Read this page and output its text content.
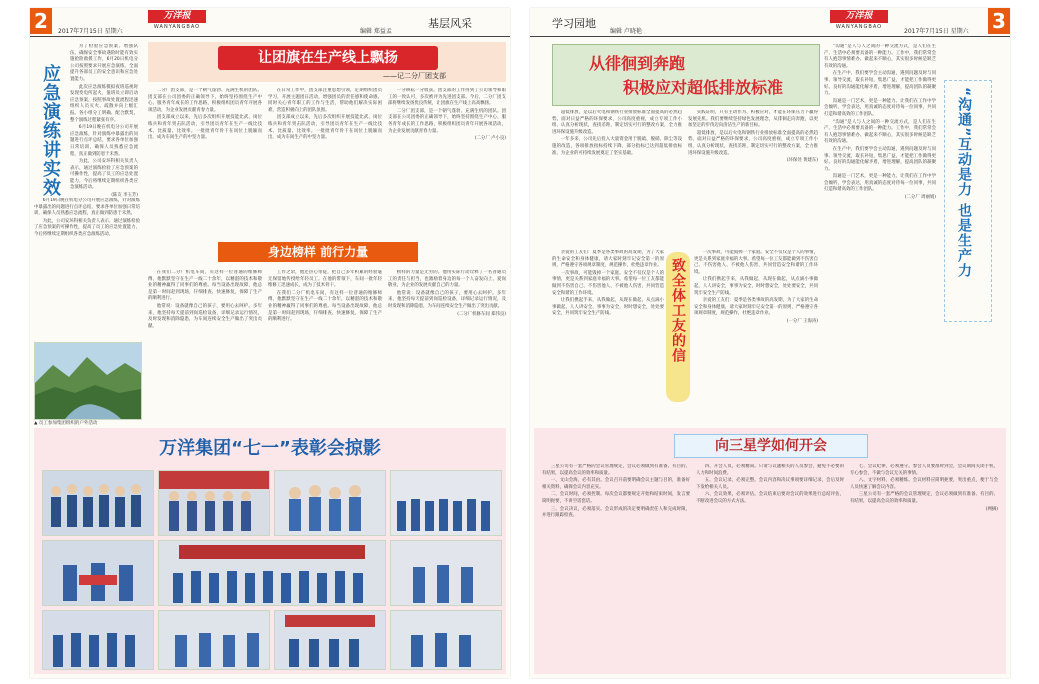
2	万洋报
WANYANGBAO
2017年7月15日 星期六	编辑 郑益孟
基层风采

为了检验应急预案、增强队伍、确保安全事故遇险时能有效实施抢险救援工作，6月20日机电分公司按照要求开展应急演练，全面提升各部员工的安全意识和应急处置能力。

此次应急演练模拟夜班巡视时发现变电所起火，值班员立即启动应急预案，按照事故处置流程迅速组织人员灭火、疏散并向上级汇报。各小组分工明确、配合默契，整个演练过程紧张有序。

6月19日晚在机电分公司开展应急演练，针对演练中暴露出的问题进行点评总结，要求各单位加强日常培训，确保人员熟悉应急流程，真正做到防患于未然。

为此，公司安环科相关负责人表示，通过演练检验了应急预案的可操作性，提高了员工的应急处置能力，今后将继续定期组织各类应急演练活动。

(陈友 李玉芳)
应急演练讲实效

6月19日晚在机电分公司开展应急演练，针对演练中暴露出的问题进行点评总结，要求各单位加强日常培训，确保人员熟悉应急流程，真正做到防患于未然。

为此，公司安环科相关负责人表示，通过演练检验了应急预案的可操作性，提高了员工的应急处置能力，今后将继续定期组织各类应急演练活动。

▲ 员工参加集团组织的户外活动
让团旗在生产线上飘扬
——记二分厂团支部

二分厂团支部，是一个朝气蓬勃、充满生机的团队。团支部在公司团委的正确领导下，始终坚持围绕生产中心、服务青年成长的工作思路，积极组织团员青年开展各项活动，为企业发展贡献青春力量。

团支部成立以来，先后多次组织开展技能比武、岗位练兵和青年突击队活动，引导团员青年在生产一线比技术、比质量、比效率。一批批青年骨干在岗位上脱颖而出，成为车间生产的中坚力量。

在日常工作中，团支部注重思想引领，定期组织团员学习，开展主题团日活动，增强团员的责任感和使命感。同时关心青年职工的工作与生活，帮助他们解决实际困难，营造积极向上的团队氛围。

团支部成立以来，先后多次组织开展技能比武、岗位练兵和青年突击队活动，引导团员青年在生产一线比技术、比质量、比效率。一批批青年骨干在岗位上脱颖而出，成为车间生产的中坚力量。

一分耕耘一分收获。团支部的工作得到了公司领导和职工的一致认可，多次被评为先进团支部。今后，二分厂团支部将继续发扬优良传统，让团旗在生产线上高高飘扬。

二分厂团支部，是一个朝气蓬勃、充满生机的团队。团支部在公司团委的正确领导下，始终坚持围绕生产中心、服务青年成长的工作思路，积极组织团员青年开展各项活动，为企业发展贡献青春力量。

(二分厂 卢小良)
身边榜样 前行力量

在我们二分厂机电车间，有这样一位普通的维修师傅，他默默坚守在生产一线二十余年，以精湛的技术和敬业的精神赢得了同事们的尊重。每当设备出现故障，他总是第一时间赶到现场，仔细排查、快速修复，保障了生产的顺利进行。

他常说：设备就像自己的孩子，要用心去呵护。多年来，他坚持每天提前到岗巡检设备，详细记录运行情况，及时发现和消除隐患，为车间连续安全生产做出了突出贡献。

工作之余，他还热心带徒，把自己多年积累的经验毫无保留地传授给年轻员工。在他的带领下，车间一批年轻维修工迅速成长，成为了技术骨干。

在我们二分厂机电车间，有这样一位普通的维修师傅，他默默坚守在生产一线二十余年，以精湛的技术和敬业的精神赢得了同事们的尊重。每当设备出现故障，他总是第一时间赶到现场，仔细排查、快速修复，保障了生产的顺利进行。

榜样的力量是无穷的。他用实际行动诠释了一名普通员工的责任与担当，也激励着身边的每一个人奋发向上、爱岗敬业，为企业的发展贡献自己的力量。

他常说：设备就像自己的孩子，要用心去呵护。多年来，他坚持每天提前到岗巡检设备，详细记录运行情况，及时发现和消除隐患，为车间连续安全生产做出了突出贡献。

(二分厂机修车间 郑伟良)
万洋集团“七一”表彰会掠影
学习园地
编辑 卢晓艳
万洋报
WANYANGBAO
2017年7月15日 星期六 3
从徘徊到奔跑
积极应对超低排放标准

超低排放，是以后火电和钢铁行业排放标准全面提高的必然趋势。面对日益严格的环保要求，公司高度重视，成立专项工作小组，认真分析现状，查找差距，制定切实可行的整改方案，全力推进环保设施升级改造。

一年多来，公司先后投入大量资金用于脱硫、脱硝、除尘等设施的改造，各项排放指标持续下降，部分指标已达到超低排放标准，为企业的可持续发展奠定了坚实基础。

实践证明，只有主动作为、积极应对，才能在环保压力下赢得发展先机。我们要继续坚持绿色发展理念，从徘徊走向奔跑，以更加坚定的步伐迈向清洁生产的新目标。

超低排放，是以后火电和钢铁行业排放标准全面提高的必然趋势。面对日益严格的环保要求，公司高度重视，成立专项工作小组，认真分析现状，查找差距，制定切实可行的整改方案，全力推进环保设施升级改造。

(环保处 黄建东)

亲爱的工友们：夏季是各类事故的高发期，为了大家的生命安全和身体健康，请大家时刻牢记安全第一的原则，严格遵守各项规章制度，规范操作，杜绝违章作业。

一次事故，可能毁掉一个家庭。安全不仅仅是个人的事情，更是关系到家庭幸福的大事。希望每一位工友都能做到不伤害自己、不伤害他人、不被他人伤害，共同营造安全和谐的工作环境。

让我们携起手来，从我做起，从现在做起，从点滴小事做起，人人讲安全，事事为安全，时时想安全，处处要安全，共同筑牢安全生产防线。	致全体工友的信

一次事故，可能毁掉一个家庭。安全不仅仅是个人的事情，更是关系到家庭幸福的大事。希望每一位工友都能做到不伤害自己、不伤害他人、不被他人伤害，共同营造安全和谐的工作环境。

让我们携起手来，从我做起，从现在做起，从点滴小事做起，人人讲安全，事事为安全，时时想安全，处处要安全，共同筑牢安全生产防线。

亲爱的工友们：夏季是各类事故的高发期，为了大家的生命安全和身体健康，请大家时刻牢记安全第一的原则，严格遵守各项规章制度，规范操作，杜绝违章作业。

(一分厂 王海涛)

“沟通”是人与人之间的一种交流方式，是人们在生产、生活中必须要具备的一种能力。工作中，我们常常会有人抱怨事情难办、做起来不顺心，其实很多时候是缺乏有效的沟通。

在生产中，我们要学会主动沟通，遇到问题及时与同事、领导交流，取长补短，集思广益，才能把工作做得更好。良好的沟通能化解矛盾，增进理解，提高团队的凝聚力。

沟通是一门艺术，更是一种能力。让我们在工作中学会倾听，学会表达，用真诚的态度对待每一位同事，共同打造和谐高效的工作团队。

“沟通”是人与人之间的一种交流方式，是人们在生产、生活中必须要具备的一种能力。工作中，我们常常会有人抱怨事情难办、做起来不顺心，其实很多时候是缺乏有效的沟通。

在生产中，我们要学会主动沟通，遇到问题及时与同事、领导交流，取长补短，集思广益，才能把工作做得更好。良好的沟通能化解矛盾，增进理解，提高团队的凝聚力。

沟通是一门艺术，更是一种能力。让我们在工作中学会倾听，学会表达，用真诚的态度对待每一位同事，共同打造和谐高效的工作团队。

(二分厂 周丽娟) “沟通”互动是力 也是生产力
向三星学如何开会

三星公司有一套严格的会议管理规定，会议必须做到有准备、有目的、有结果，以提高会议的效率和质量。

一、文山会海，必有其由。会议召开前要明确会议主题与目的，准备好相关资料，确保会议内容充实。

二、会议时间，必须控制。每次会议都要规定开始和结束时间，发言要简明扼要，不讲空话套话。

三、会议决议，必须落实。会议形成的决定要明确责任人和完成时限，并进行跟踪检查。

四、开会人员，必须精简。只请与议题相关的人员参会，避免不必要的人力和时间浪费。

五、会议记录，必须完整。会议内容和决议事项要详细记录，会后及时下发给相关人员。

六、会议效果，必须评估。会议结束后要对会议的效果进行总结评估，不断改进会议的方式方法。

七、会议纪律，必须遵守。参会人员要准时到会，会议期间关闭手机，专心参会，不做与会议无关的事情。

八、文字材料，必须精炼。会议材料应简明扼要，突出重点，便于与会人员快速了解会议内容。

三星公司有一套严格的会议管理规定，会议必须做到有准备、有目的、有结果，以提高会议的效率和质量。

(网摘)
